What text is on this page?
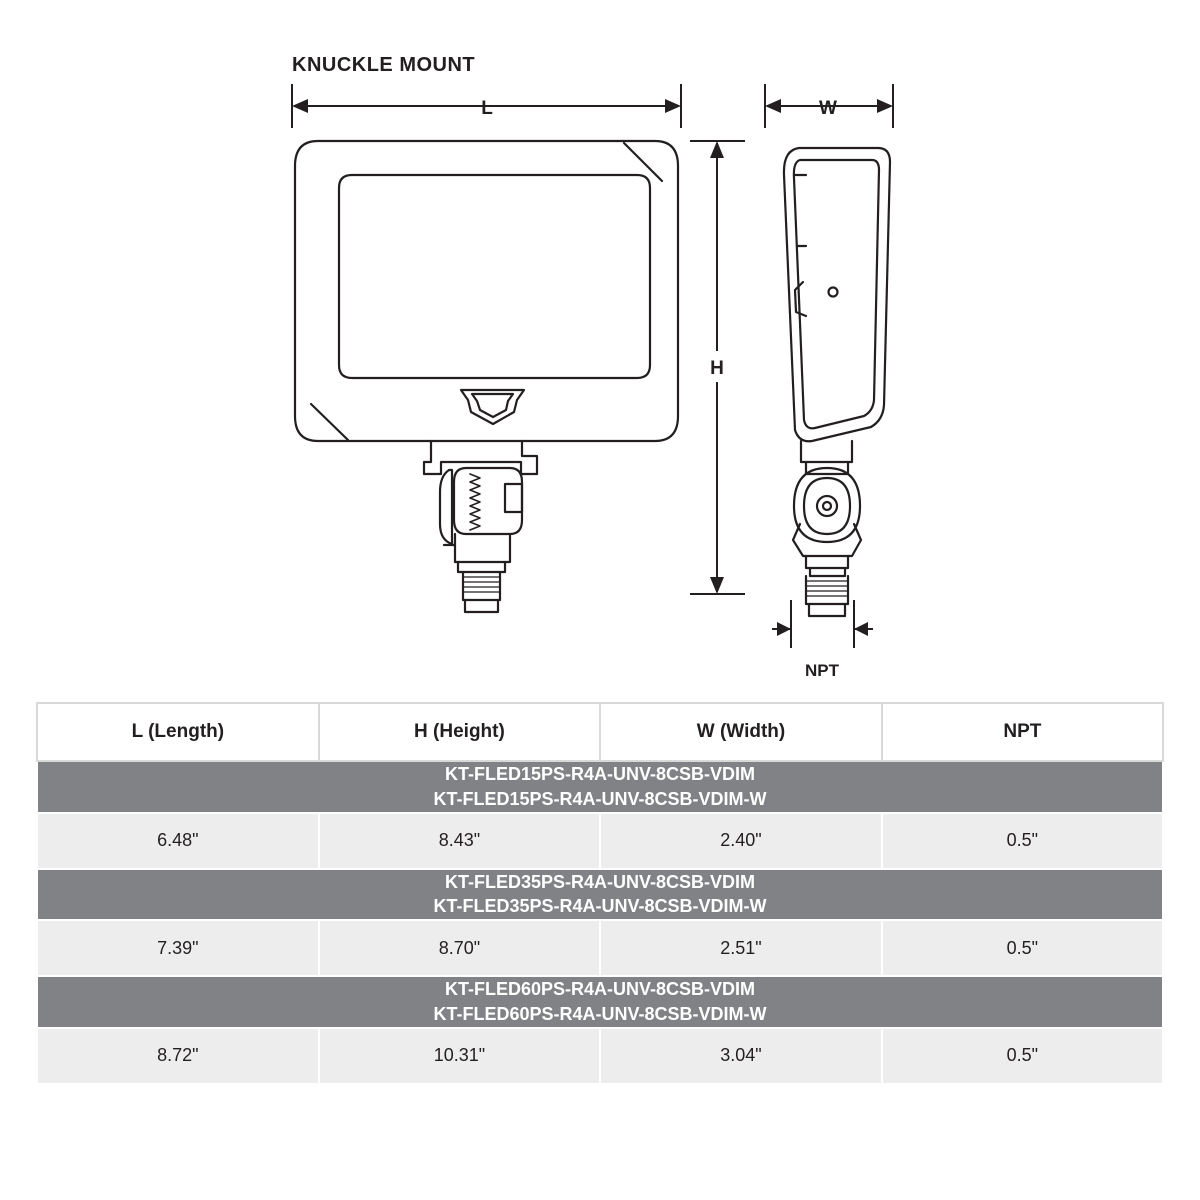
KNUCKLE MOUNT
L	W
H
NPT
L (Length)	H (Height)	W (Width)	NPT

KT-FLED15PS-R4A-UNV-8CSB-VDIM
KT-FLED15PS-R4A-UNV-8CSB-VDIM-W			

6.48"	8.43"	2.40"	0.5"

KT-FLED35PS-R4A-UNV-8CSB-VDIM
KT-FLED35PS-R4A-UNV-8CSB-VDIM-W			

7.39"	8.70"	2.51"	0.5"

KT-FLED60PS-R4A-UNV-8CSB-VDIM
KT-FLED60PS-R4A-UNV-8CSB-VDIM-W			

8.72"	10.31"	3.04"	0.5"
